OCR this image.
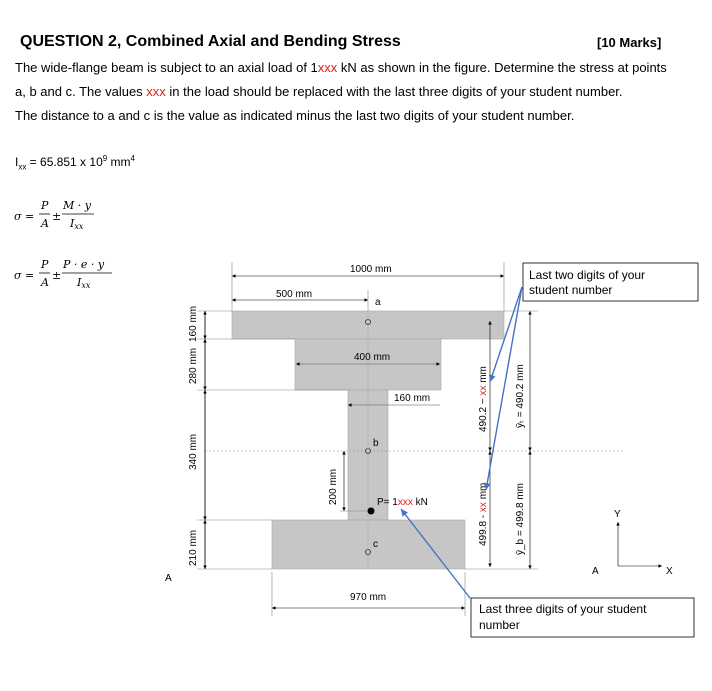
QUESTION 2, Combined Axial and Bending Stress	[10 Marks]
The wide-flange beam is subject to an axial load of 1xxx kN as shown in the figure. Determine the stress at points
a, b and c. The values xxx in the load should be replaced with the last three digits of your student number.
The distance to a and c is the value as indicated minus the last two digits of your student number.
$I_{xx} = 65.851$ x $10^9$ $mm^4$
σ =
P
A
±
M · y
Ixx
σ =
P
A
±
P · e · y
Ixx
1000 mm
500 mm
400 mm
160 mm
970 mm
a
b
c
P= 1xxx kN
160 mm
280 mm
340 mm
210 mm
200 mm
490.2 − xx mm
499.8 - xx mm
ȳₜ = 490.2 mm
ȳ_b = 499.8 mm
A
A
Y
X
Last two digits of your
student number
Last three digits of your student
number
